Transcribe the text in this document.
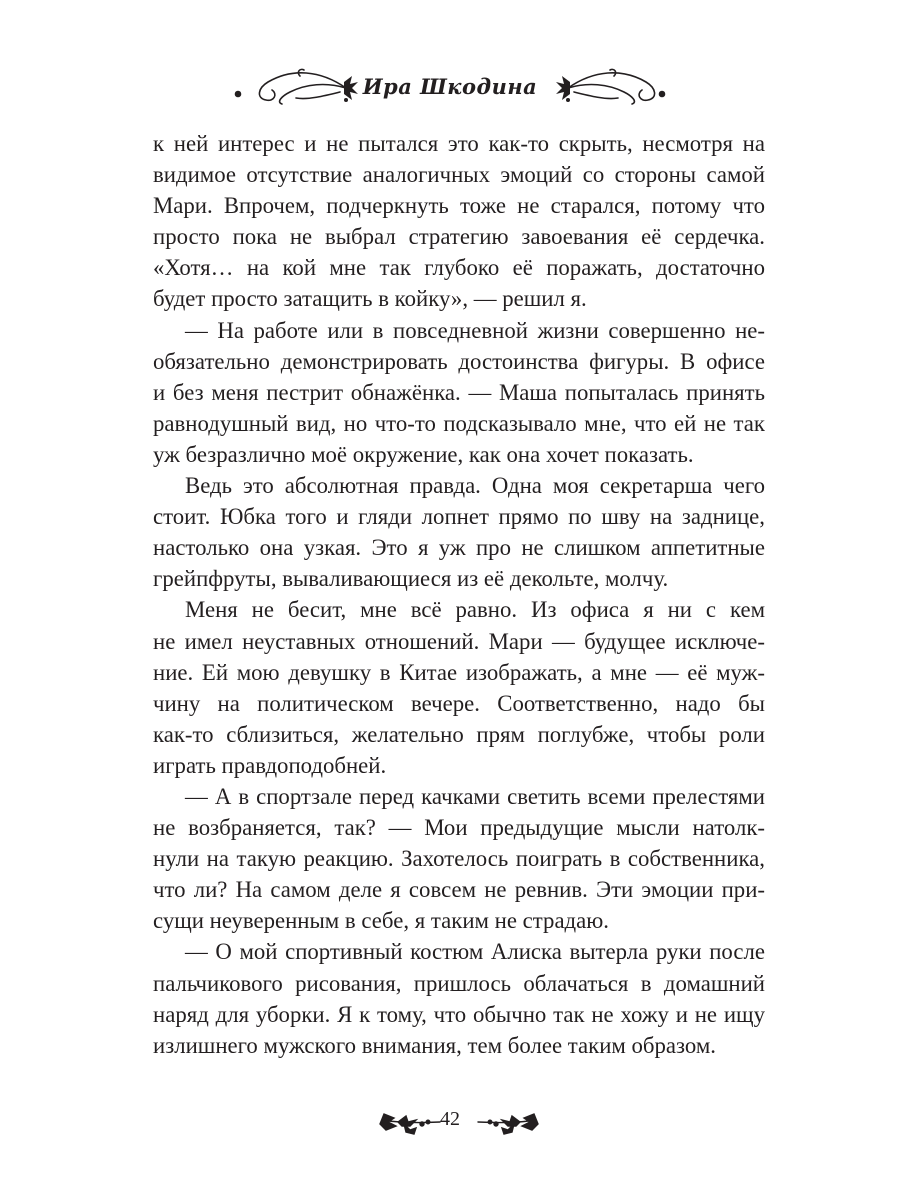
Ира Шкодина
к ней интерес и не пытался это как-то скрыть, несмотря на
видимое отсутствие аналогичных эмоций со стороны самой
Мари. Впрочем, подчеркнуть тоже не старался, потому что
просто пока не выбрал стратегию завоевания её сердечка.
«Хотя… на кой мне так глубоко её поражать, достаточно
будет просто затащить в койку», — решил я.
— На работе или в повседневной жизни совершенно не-
обязательно демонстрировать достоинства фигуры. В офисе
и без меня пестрит обнажёнка. — Маша попыталась принять
равнодушный вид, но что-то подсказывало мне, что ей не так
уж безразлично моё окружение, как она хочет показать.
Ведь это абсолютная правда. Одна моя секретарша чего
стоит. Юбка того и гляди лопнет прямо по шву на заднице,
настолько она узкая. Это я уж про не слишком аппетитные
грейпфруты, вываливающиеся из её декольте, молчу.
Меня не бесит, мне всё равно. Из офиса я ни с кем
не имел неуставных отношений. Мари — будущее исключе-
ние. Ей мою девушку в Китае изображать, а мне — её муж-
чину на политическом вечере. Соответственно, надо бы
как-то сблизиться, желательно прям поглубже, чтобы роли
играть правдоподобней.
— А в спортзале перед качками светить всеми прелестями
не возбраняется, так? — Мои предыдущие мысли натолк-
нули на такую реакцию. Захотелось поиграть в собственника,
что ли? На самом деле я совсем не ревнив. Эти эмоции при-
сущи неуверенным в себе, я таким не страдаю.
— О мой спортивный костюм Алиска вытерла руки после
пальчикового рисования, пришлось облачаться в домашний
наряд для уборки. Я к тому, что обычно так не хожу и не ищу
излишнего мужского внимания, тем более таким образом.
42
